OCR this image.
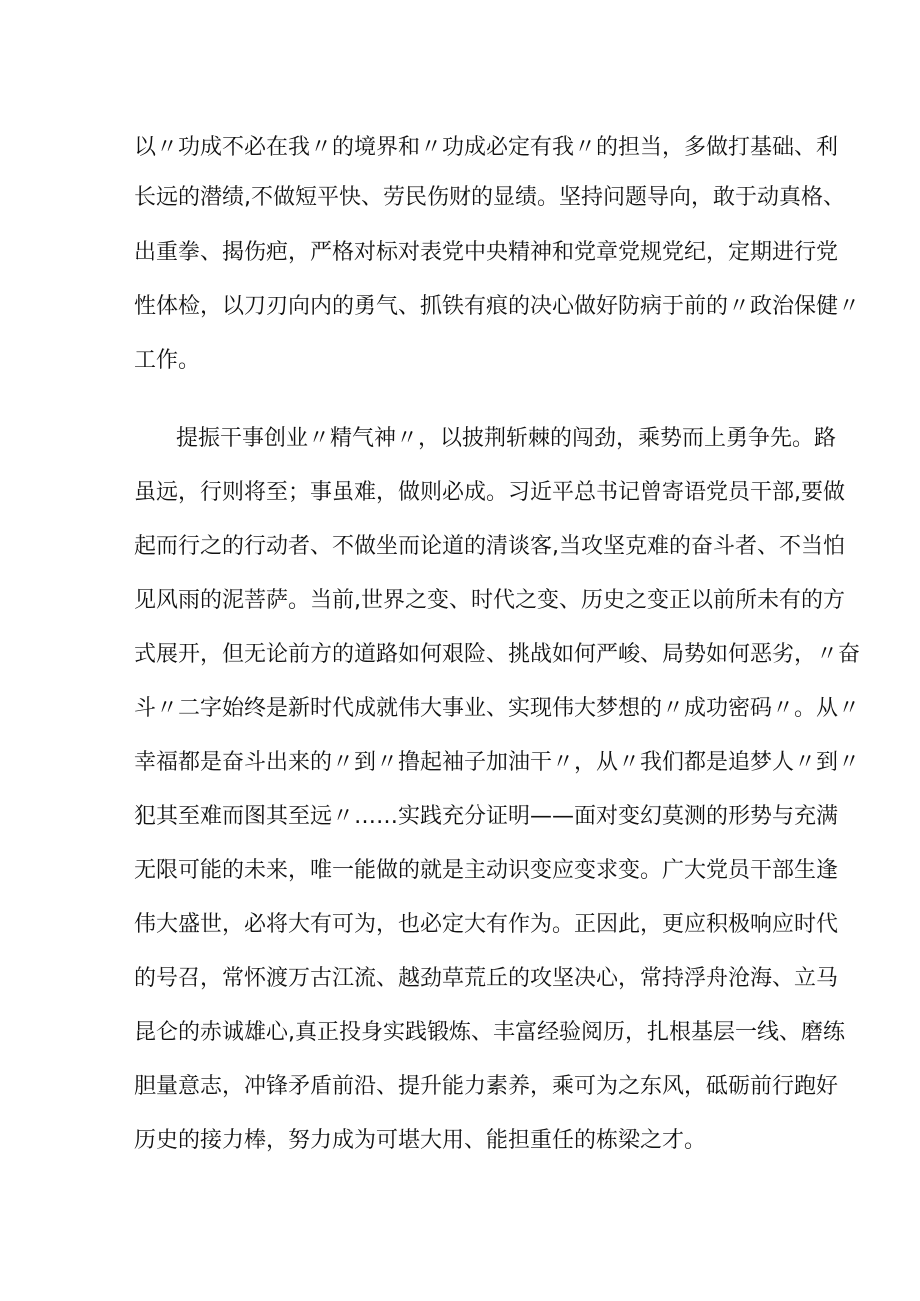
以〃功成不必在我〃的境界和〃功成必定有我〃的担当，多做打基础、利
长远的潜绩,不做短平快、劳民伤财的显绩。坚持问题导向，敢于动真格、
出重拳、揭伤疤，严格对标对表党中央精神和党章党规党纪，定期进行党
性体检，以刀刃向内的勇气、抓铁有痕的决心做好防病于前的〃政治保健〃
工作。
提振干事创业〃精气神〃，以披荆斩棘的闯劲，乘势而上勇争先。路
虽远，行则将至；事虽难，做则必成。习近平总书记曾寄语党员干部,要做
起而行之的行动者、不做坐而论道的清谈客,当攻坚克难的奋斗者、不当怕
见风雨的泥菩萨。当前,世界之变、时代之变、历史之变正以前所未有的方
式展开，但无论前方的道路如何艰险、挑战如何严峻、局势如何恶劣，〃奋
斗〃二字始终是新时代成就伟大事业、实现伟大梦想的〃成功密码〃。从〃
幸福都是奋斗出来的〃到〃撸起袖子加油干〃，从〃我们都是追梦人〃到〃
犯其至难而图其至远〃……实践充分证明——面对变幻莫测的形势与充满
无限可能的未来，唯一能做的就是主动识变应变求变。广大党员干部生逢
伟大盛世，必将大有可为，也必定大有作为。正因此，更应积极响应时代
的号召，常怀渡万古江流、越劲草荒丘的攻坚决心，常持浮舟沧海、立马
昆仑的赤诚雄心,真正投身实践锻炼、丰富经验阅历，扎根基层一线、磨练
胆量意志，冲锋矛盾前沿、提升能力素养，乘可为之东风，砥砺前行跑好
历史的接力棒，努力成为可堪大用、能担重任的栋梁之才。
